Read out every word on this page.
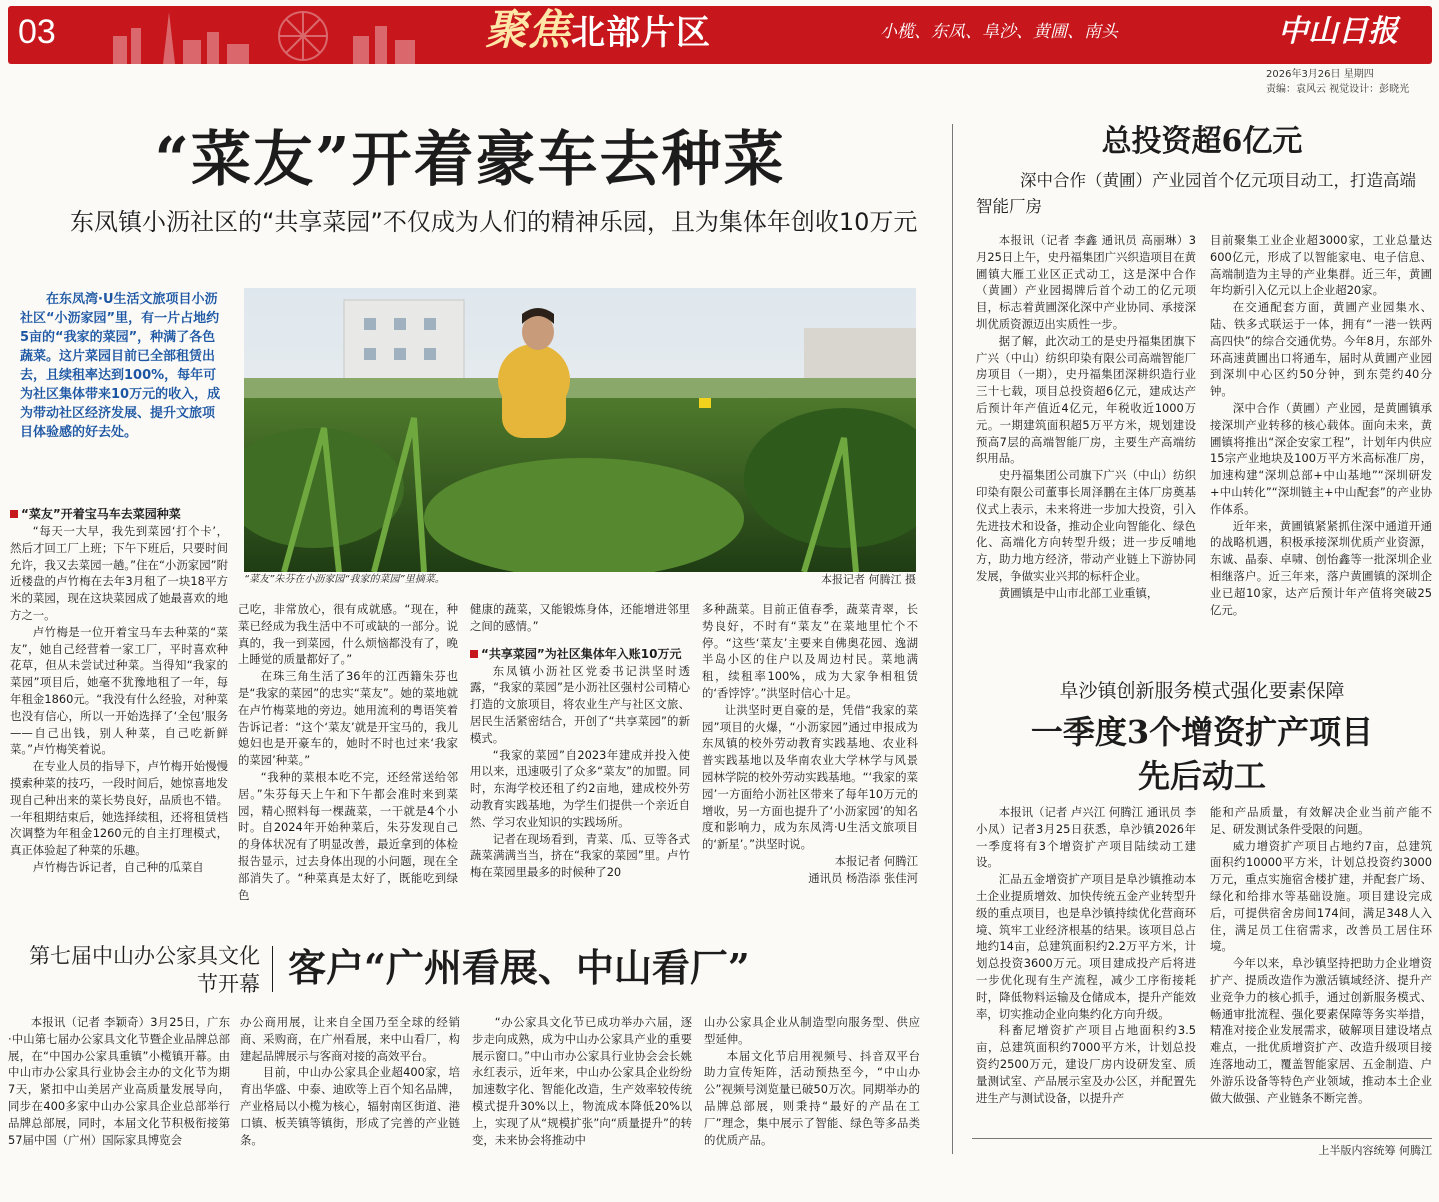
03	聚焦北部片区	小榄、东凤、阜沙、黄圃、南头	中山日报
2026年3月26日 星期四
责编：袁风云 视觉设计：彭晓光
“菜友”开着豪车去种菜
东凤镇小沥社区的“共享菜园”不仅成为人们的精神乐园，且为集体年创收10万元
在东凤湾·U生活文旅项目小沥社区“小沥家园”里，有一片占地约5亩的“我家的菜园”，种满了各色蔬菜。这片菜园目前已全部租赁出去，且续租率达到100%，每年可为社区集体带来10万元的收入，成为带动社区经济发展、提升文旅项目体验感的好去处。
“菜友”朱芬在小沥家园“我家的菜园”里摘菜。	本报记者 何腾江 摄
“菜友”开着宝马车去菜园种菜

“每天一大早，我先到菜园‘打个卡’，然后才回工厂上班；下午下班后，只要时间允许，我又去菜园一趟。”住在“小沥家园”附近楼盘的卢竹梅在去年3月租了一块18平方米的菜园，现在这块菜园成了她最喜欢的地方之一。

卢竹梅是一位开着宝马车去种菜的“菜友”，她自己经营着一家工厂，平时喜欢种花草，但从未尝试过种菜。当得知“我家的菜园”项目后，她毫不犹豫地租了一年，每年租金1860元。“我没有什么经验，对种菜也没有信心，所以一开始选择了‘全包’服务——自己出钱，别人种菜，自己吃新鲜菜。”卢竹梅笑着说。

在专业人员的指导下，卢竹梅开始慢慢摸索种菜的技巧，一段时间后，她惊喜地发现自己种出来的菜长势良好，品质也不错。一年租期结束后，她选择续租，还将租赁档次调整为年租金1260元的自主打理模式，真正体验起了种菜的乐趣。

卢竹梅告诉记者，自己种的瓜菜自

己吃，非常放心，很有成就感。“现在，种菜已经成为我生活中不可或缺的一部分。说真的，我一到菜园，什么烦恼都没有了，晚上睡觉的质量都好了。”

在珠三角生活了36年的江西籍朱芬也是“我家的菜园”的忠实“菜友”。她的菜地就在卢竹梅菜地的旁边。她用流利的粤语笑着告诉记者：“这个‘菜友’就是开宝马的，我儿媳妇也是开豪车的，她时不时也过来‘我家的菜园’种菜。”

“我种的菜根本吃不完，还经常送给邻居。”朱芬每天上午和下午都会准时来到菜园，精心照料每一棵蔬菜，一干就是4个小时。自2024年开始种菜后，朱芬发现自己的身体状况有了明显改善，最近拿到的体检报告显示，过去身体出现的小问题，现在全部消失了。“种菜真是太好了，既能吃到绿色

健康的蔬菜，又能锻炼身体，还能增进邻里之间的感情。”

“共享菜园”为社区集体年入账10万元

东凤镇小沥社区党委书记洪坚时透露，“我家的菜园”是小沥社区强村公司精心打造的文旅项目，将农业生产与社区文旅、居民生活紧密结合，开创了“共享菜园”的新模式。

“我家的菜园”自2023年建成并投入使用以来，迅速吸引了众多“菜友”的加盟。同时，东海学校还租了约2亩地，建成校外劳动教育实践基地，为学生们提供一个亲近自然、学习农业知识的实践场所。

记者在现场看到，青菜、瓜、豆等各式蔬菜满满当当，挤在“我家的菜园”里。卢竹梅在菜园里最多的时候种了20

多种蔬菜。目前正值春季，蔬菜青翠，长势良好，不时有“菜友”在菜地里忙个不停。“这些‘菜友’主要来自佛奥花园、逸湖半岛小区的住户以及周边村民。菜地满租，续租率100%，成为大家争相租赁的‘香饽饽’。”洪坚时信心十足。

让洪坚时更自豪的是，凭借“我家的菜园”项目的火爆，“小沥家园”通过申报成为东凤镇的校外劳动教育实践基地、农业科普实践基地以及华南农业大学林学与风景园林学院的校外劳动实践基地。“‘我家的菜园’一方面给小沥社区带来了每年10万元的增收，另一方面也提升了‘小沥家园’的知名度和影响力，成为东凤湾·U生活文旅项目的‘新星’。”洪坚时说。

本报记者 何腾江
通讯员 杨浩添 张佳河
第七届中山办公家具文化节开幕 客户“广州看展、中山看厂”

本报讯（记者 李颖奇）3月25日，广东·中山第七届办公家具文化节暨企业品牌总部展，在“中国办公家具重镇”小榄镇开幕。由中山市办公家具行业协会主办的文化节为期7天，紧扣中山美居产业高质量发展导向，同步在400多家中山办公家具企业总部举行品牌总部展，同时，本届文化节积极衔接第57届中国（广州）国际家具博览会

办公商用展，让来自全国乃至全球的经销商、采购商，在广州看展，来中山看厂，构建起品牌展示与客商对接的高效平台。

目前，中山办公家具企业超400家，培育出华盛、中泰、迪欧等上百个知名品牌，产业格局以小榄为核心，辐射南区街道、港口镇、板芙镇等镇街，形成了完善的产业链条。

“办公家具文化节已成功举办六届，逐步走向成熟，成为中山办公家具产业的重要展示窗口。”中山市办公家具行业协会会长姚永红表示，近年来，中山办公家具企业纷纷加速数字化、智能化改造，生产效率较传统模式提升30%以上，物流成本降低20%以上，实现了从“规模扩张”向“质量提升”的转变，未来协会将推动中

山办公家具企业从制造型向服务型、供应型延伸。

本届文化节启用视频号、抖音双平台助力宣传矩阵，活动预热至今，“中山办公”视频号浏览量已破50万次。同期举办的品牌总部展，则秉持“最好的产品在工厂”理念，集中展示了智能、绿色等多品类的优质产品。

总投资超6亿元
深中合作（黄圃）产业园首个亿元项目动工，打造高端智能厂房

本报讯（记者 李鑫 通讯员 高丽琳）3月25日上午，史丹福集团广兴织造项目在黄圃镇大雁工业区正式动工，这是深中合作（黄圃）产业园揭牌后首个动工的亿元项目，标志着黄圃深化深中产业协同、承接深圳优质资源迈出实质性一步。

据了解，此次动工的是史丹福集团旗下广兴（中山）纺织印染有限公司高端智能厂房项目（一期），史丹福集团深耕织造行业三十七载，项目总投资超6亿元，建成达产后预计年产值近4亿元，年税收近1000万元。一期建筑面积超5万平方米，规划建设预高7层的高端智能厂房，主要生产高端纺织用品。

史丹福集团公司旗下广兴（中山）纺织印染有限公司董事长周泽鹏在主体厂房奠基仪式上表示，未来将进一步加大投资，引入先进技术和设备，推动企业向智能化、绿色化、高端化方向转型升级；进一步反哺地方，助力地方经济，带动产业链上下游协同发展，争做实业兴邦的标杆企业。

黄圃镇是中山市北部工业重镇，

目前聚集工业企业超3000家，工业总量达600亿元，形成了以智能家电、电子信息、高端制造为主导的产业集群。近三年，黄圃年均新引入亿元以上企业超20家。

在交通配套方面，黄圃产业园集水、陆、铁多式联运于一体，拥有“一港一铁两高四快”的综合交通优势。今年8月，东部外环高速黄圃出口将通车，届时从黄圃产业园到深圳中心区约50分钟，到东莞约40分钟。

深中合作（黄圃）产业园，是黄圃镇承接深圳产业转移的核心载体。面向未来，黄圃镇将推出“深企安家工程”，计划年内供应15宗产业地块及100万平方米高标准厂房，加速构建“深圳总部+中山基地”“深圳研发+中山转化”“深圳链主+中山配套”的产业协作体系。

近年来，黄圃镇紧紧抓住深中通道开通的战略机遇，积极承接深圳优质产业资源，东诚、晶泰、卓啸、创怡鑫等一批深圳企业相继落户。近三年来，落户黄圃镇的深圳企业已超10家，达产后预计年产值将突破25亿元。

阜沙镇创新服务模式强化要素保障
一季度3个增资扩产项目
先后动工

本报讯（记者 卢兴江 何腾江 通讯员 李小凤）记者3月25日获悉，阜沙镇2026年一季度将有3个增资扩产项目陆续动工建设。

汇品五金增资扩产项目是阜沙镇推动本土企业提质增效、加快传统五金产业转型升级的重点项目，也是阜沙镇持续优化营商环境、筑牢工业经济根基的结果。该项目总占地约14亩，总建筑面积约2.2万平方米，计划总投资3600万元。项目建成投产后将进一步优化现有生产流程，减少工序衔接耗时，降低物料运输及仓储成本，提升产能效率，切实推动企业向集约化方向升级。

科畜尼增资扩产项目占地面积约3.5亩，总建筑面积约7000平方米，计划总投资约2500万元，建设厂房内设研发室、质量测试室、产品展示室及办公区，并配置先进生产与测试设备，以提升产

能和产品质量，有效解决企业当前产能不足、研发测试条件受限的问题。

威力增资扩产项目占地约7亩，总建筑面积约10000平方米，计划总投资约3000万元，重点实施宿舍楼扩建，并配套广场、绿化和给排水等基础设施。项目建设完成后，可提供宿舍房间174间，满足348人入住，满足员工住宿需求，改善员工居住环境。

今年以来，阜沙镇坚持把助力企业增资扩产、提质改造作为激活镇域经济、提升产业竞争力的核心抓手，通过创新服务模式、畅通审批流程、强化要素保障等务实举措，精准对接企业发展需求，破解项目建设堵点难点，一批优质增资扩产、改造升级项目接连落地动工，覆盖智能家居、五金制造、户外游乐设备等特色产业领域，推动本土企业做大做强、产业链条不断完善。

上半版内容统筹 何腾江
